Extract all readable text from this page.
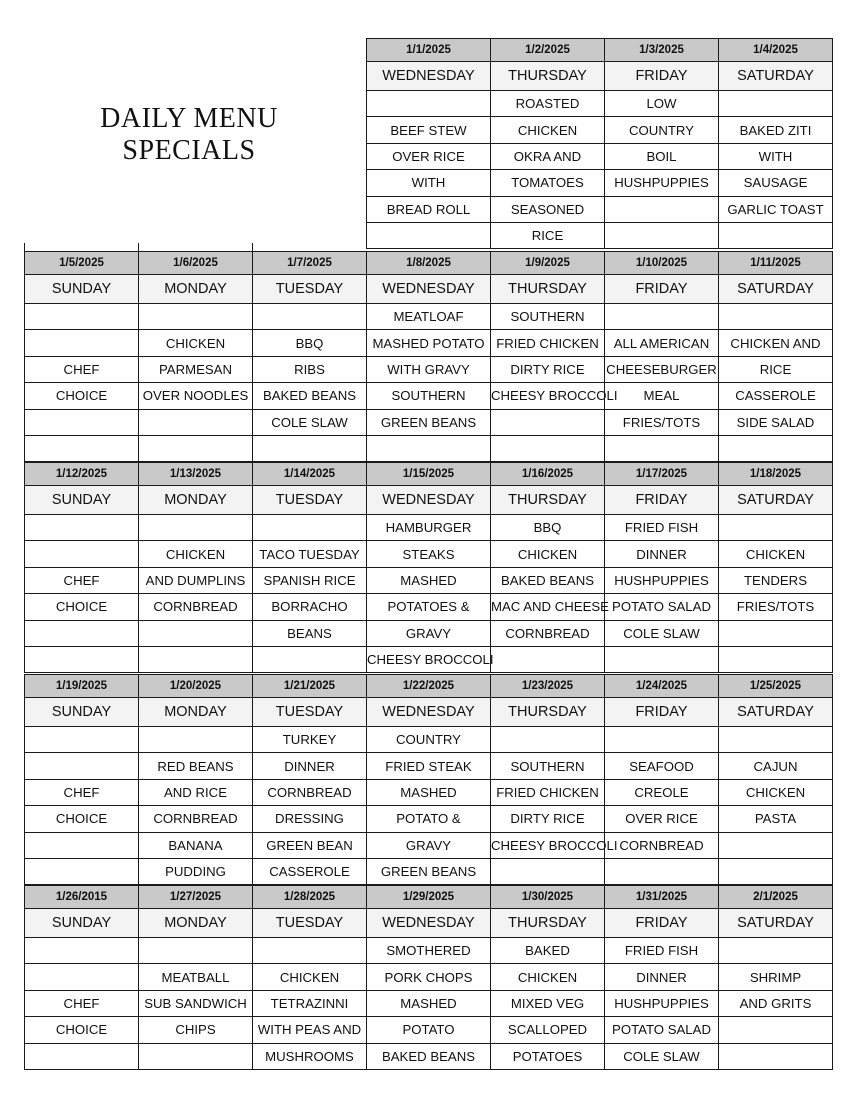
DAILY MENU
SPECIALS
1/1/2025	1/2/2025	1/3/2025	1/4/2025
WEDNESDAY	THURSDAY	FRIDAY	SATURDAY
	ROASTED	LOW	
BEEF STEW	CHICKEN	COUNTRY	BAKED ZITI
OVER RICE	OKRA AND	BOIL	WITH
WITH	TOMATOES	HUSHPUPPIES	SAUSAGE
BREAD ROLL	SEASONED		GARLIC TOAST
	RICE		
1/5/2025	1/6/2025	1/7/2025	1/8/2025	1/9/2025	1/10/2025	1/11/2025
SUNDAY	MONDAY	TUESDAY	WEDNESDAY	THURSDAY	FRIDAY	SATURDAY
			MEATLOAF	SOUTHERN		
	CHICKEN	BBQ	MASHED POTATO	FRIED CHICKEN	ALL AMERICAN	CHICKEN AND
CHEF	PARMESAN	RIBS	WITH GRAVY	DIRTY RICE	CHEESEBURGER	RICE
CHOICE	OVER NOODLES	BAKED BEANS	SOUTHERN	CHEESY BROCCOLI	MEAL	CASSEROLE
		COLE SLAW	GREEN BEANS		FRIES/TOTS	SIDE SALAD

1/12/2025	1/13/2025	1/14/2025	1/15/2025	1/16/2025	1/17/2025	1/18/2025
SUNDAY	MONDAY	TUESDAY	WEDNESDAY	THURSDAY	FRIDAY	SATURDAY
			HAMBURGER	BBQ	FRIED FISH	
	CHICKEN	TACO TUESDAY	STEAKS	CHICKEN	DINNER	CHICKEN
CHEF	AND DUMPLINS	SPANISH RICE	MASHED	BAKED BEANS	HUSHPUPPIES	TENDERS
CHOICE	CORNBREAD	BORRACHO	POTATOES &	MAC AND CHEESE	POTATO SALAD	FRIES/TOTS
		BEANS	GRAVY	CORNBREAD	COLE SLAW	
			CHEESY BROCCOLI			
1/19/2025	1/20/2025	1/21/2025	1/22/2025	1/23/2025	1/24/2025	1/25/2025
SUNDAY	MONDAY	TUESDAY	WEDNESDAY	THURSDAY	FRIDAY	SATURDAY
		TURKEY	COUNTRY			
	RED BEANS	DINNER	FRIED STEAK	SOUTHERN	SEAFOOD	CAJUN
CHEF	AND RICE	CORNBREAD	MASHED	FRIED CHICKEN	CREOLE	CHICKEN
CHOICE	CORNBREAD	DRESSING	POTATO &	DIRTY RICE	OVER RICE	PASTA
	BANANA	GREEN BEAN	GRAVY	CHEESY BROCCOLI	CORNBREAD	
	PUDDING	CASSEROLE	GREEN BEANS			
1/26/2015	1/27/2025	1/28/2025	1/29/2025	1/30/2025	1/31/2025	2/1/2025
SUNDAY	MONDAY	TUESDAY	WEDNESDAY	THURSDAY	FRIDAY	SATURDAY
			SMOTHERED	BAKED	FRIED FISH	
	MEATBALL	CHICKEN	PORK CHOPS	CHICKEN	DINNER	SHRIMP
CHEF	SUB SANDWICH	TETRAZINNI	MASHED	MIXED VEG	HUSHPUPPIES	AND GRITS
CHOICE	CHIPS	WITH PEAS AND	POTATO	SCALLOPED	POTATO SALAD	
		MUSHROOMS	BAKED BEANS	POTATOES	COLE SLAW	
